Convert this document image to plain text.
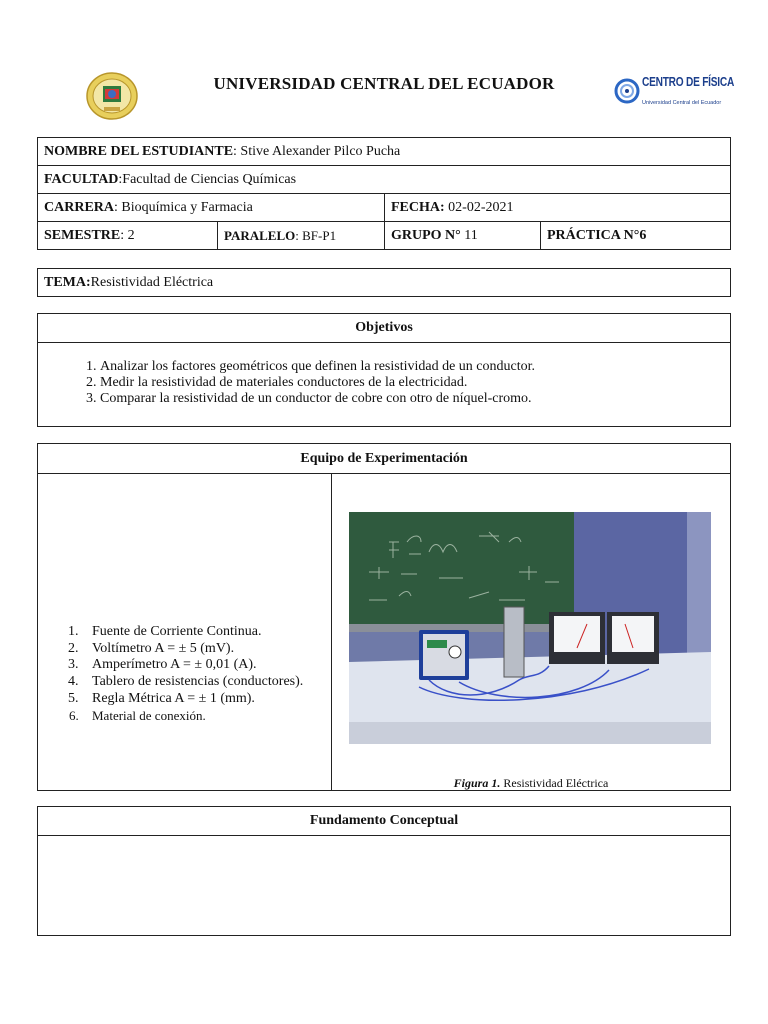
UNIVERSIDAD CENTRAL DEL ECUADOR	CENTRO DE FÍSICA
Universidad Central del Ecuador
NOMBRE DEL ESTUDIANTE: Stive Alexander Pilco Pucha			
FACULTAD:Facultad de Ciencias Químicas			
CARRERA: Bioquímica y Farmacia		FECHA: 02-02-2021	
SEMESTRE: 2	PARALELO: BF-P1	GRUPO N° 11	PRÁCTICA N°6
TEMA: Resistividad Eléctrica
Objetivos
1. Analizar los factores geométricos que definen la resistividad de un conductor.
2. Medir la resistividad de materiales conductores de la electricidad.
3. Comparar la resistividad de un conductor de cobre con otro de níquel-cromo.
Equipo de Experimentación
1. Fuente de Corriente Continua.
2. Voltímetro A = ± 5 (mV).
3. Amperímetro A = ± 0,01 (A).
4. Tablero de resistencias (conductores).
5. Regla Métrica A = ± 1 (mm).
6. Material de conexión.
Figura 1. Resistividad Eléctrica
Fundamento Conceptual
